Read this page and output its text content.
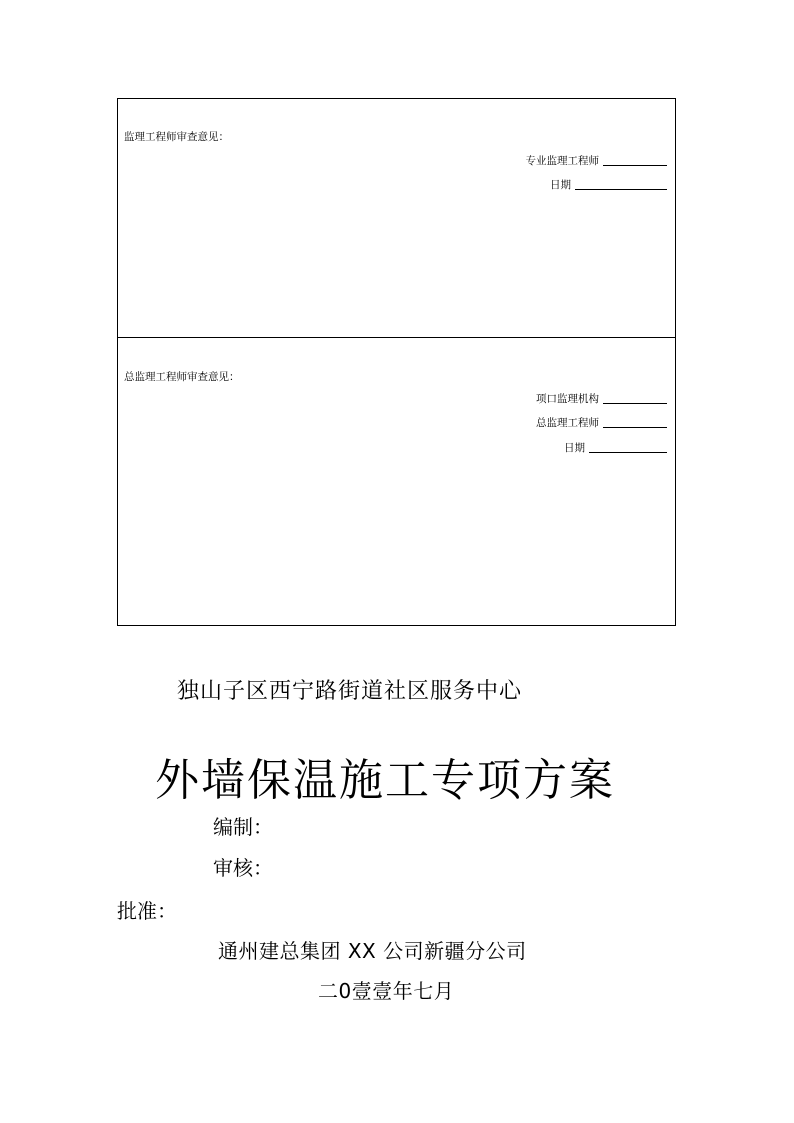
监理工程师审查意见：
专业监理工程师
日期
总监理工程师审查意见：
项口监理机构
总监理工程师
日期
独山子区西宁路街道社区服务中心
外墙保温施工专项方案
编制：
审核：
批准：
通州建总集团 XX 公司新疆分公司
二0壹壹年七月
